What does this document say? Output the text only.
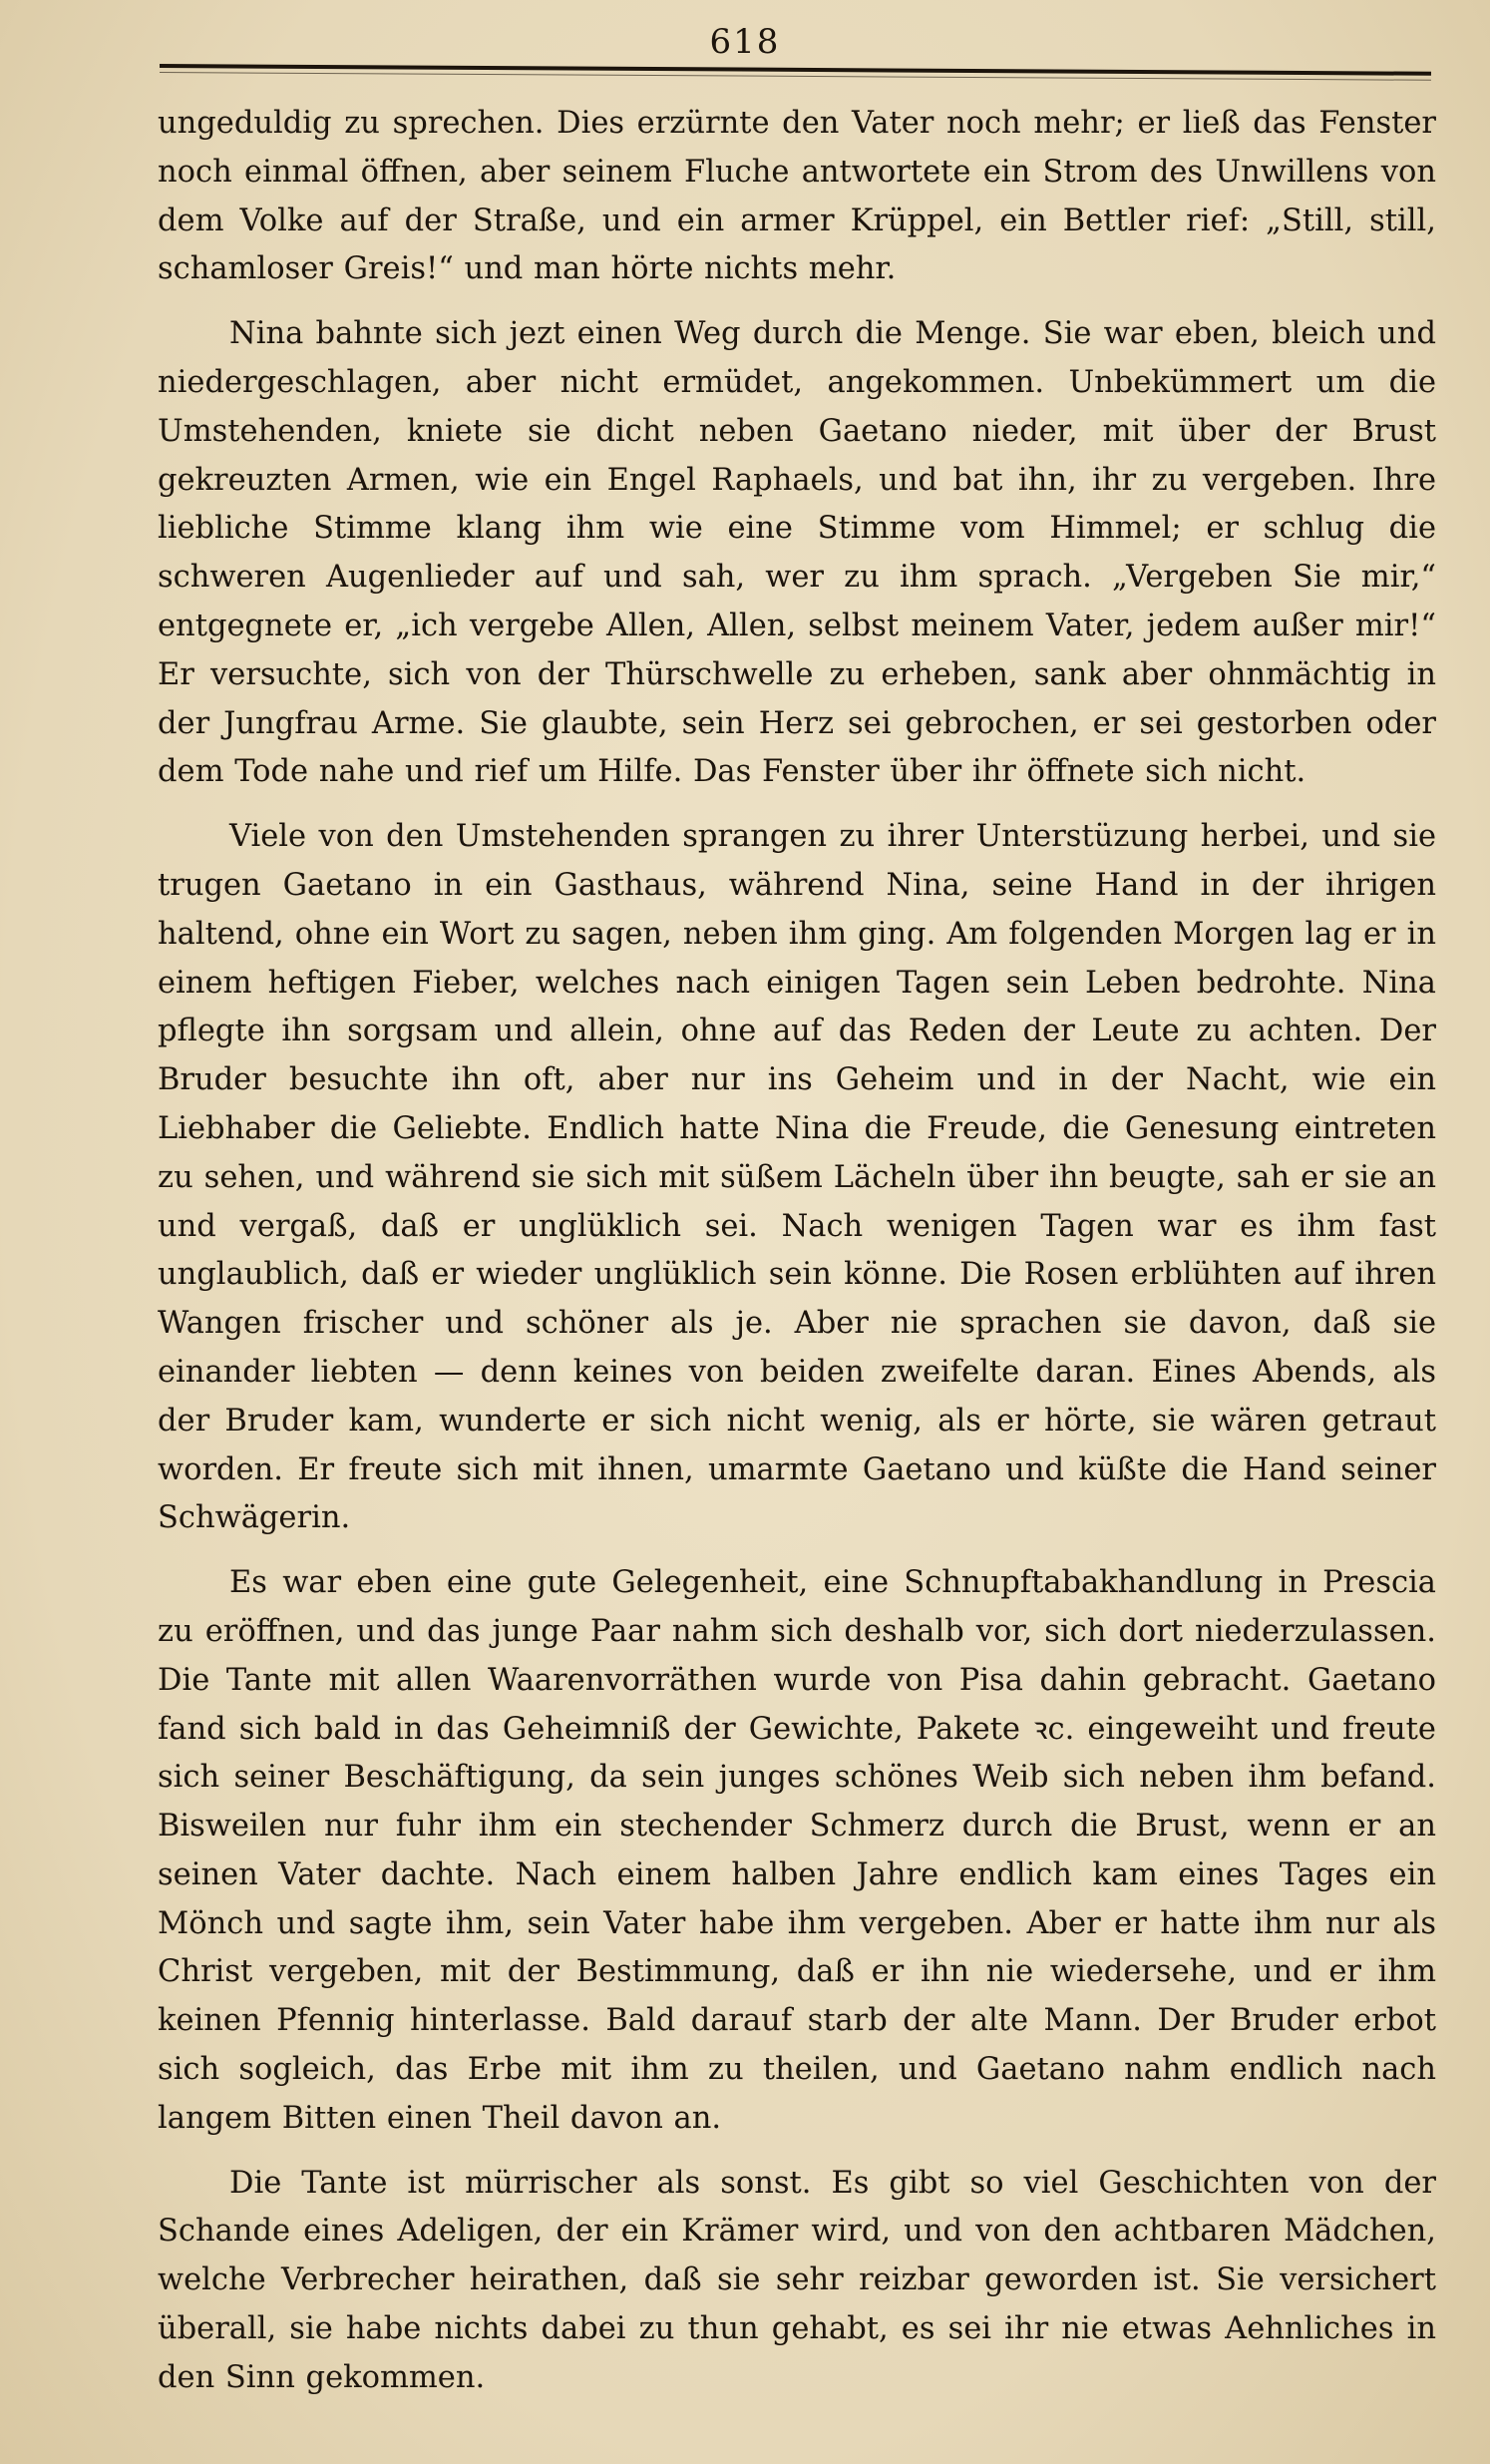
618

ungeduldig zu sprechen. Dies erzürnte den Vater noch mehr; er ließ das Fenster noch einmal öffnen, aber seinem Fluche antwortete ein Strom des Unwillens von dem Volke auf der Straße, und ein armer Krüppel, ein Bettler rief: „Still, still, schamloser Greis!“ und man hörte nichts mehr.

Nina bahnte sich jezt einen Weg durch die Menge. Sie war eben, bleich und niedergeschlagen, aber nicht ermüdet, angekommen. Unbekümmert um die Umstehenden, kniete sie dicht neben Gaetano nieder, mit über der Brust gekreuzten Armen, wie ein Engel Raphaels, und bat ihn, ihr zu vergeben. Ihre liebliche Stimme klang ihm wie eine Stimme vom Himmel; er schlug die schweren Augenlieder auf und sah, wer zu ihm sprach. „Vergeben Sie mir,“ entgegnete er, „ich vergebe Allen, Allen, selbst meinem Vater, jedem außer mir!“ Er versuchte, sich von der Thürschwelle zu erheben, sank aber ohnmächtig in der Jungfrau Arme. Sie glaubte, sein Herz sei gebrochen, er sei gestorben oder dem Tode nahe und rief um Hilfe. Das Fenster über ihr öffnete sich nicht.

Viele von den Umstehenden sprangen zu ihrer Unterstüzung herbei, und sie trugen Gaetano in ein Gasthaus, während Nina, seine Hand in der ihrigen haltend, ohne ein Wort zu sagen, neben ihm ging. Am folgenden Morgen lag er in einem heftigen Fieber, welches nach einigen Tagen sein Leben bedrohte. Nina pflegte ihn sorgsam und allein, ohne auf das Reden der Leute zu achten. Der Bruder besuchte ihn oft, aber nur ins Geheim und in der Nacht, wie ein Liebhaber die Geliebte. Endlich hatte Nina die Freude, die Genesung eintreten zu sehen, und während sie sich mit süßem Lächeln über ihn beugte, sah er sie an und vergaß, daß er unglüklich sei. Nach wenigen Tagen war es ihm fast unglaublich, daß er wieder unglüklich sein könne. Die Rosen erblühten auf ihren Wangen frischer und schöner als je. Aber nie sprachen sie davon, daß sie einander liebten — denn keines von beiden zweifelte daran. Eines Abends, als der Bruder kam, wunderte er sich nicht wenig, als er hörte, sie wären getraut worden. Er freute sich mit ihnen, umarmte Gaetano und küßte die Hand seiner Schwägerin.

Es war eben eine gute Gelegenheit, eine Schnupftabakhandlung in Prescia zu eröffnen, und das junge Paar nahm sich deshalb vor, sich dort niederzulassen. Die Tante mit allen Waarenvorräthen wurde von Pisa dahin gebracht. Gaetano fand sich bald in das Geheimniß der Gewichte, Pakete ꝛc. eingeweiht und freute sich seiner Beschäftigung, da sein junges schönes Weib sich neben ihm befand. Bisweilen nur fuhr ihm ein stechender Schmerz durch die Brust, wenn er an seinen Vater dachte. Nach einem halben Jahre endlich kam eines Tages ein Mönch und sagte ihm, sein Vater habe ihm vergeben. Aber er hatte ihm nur als Christ vergeben, mit der Bestimmung, daß er ihn nie wiedersehe, und er ihm keinen Pfennig hinterlasse. Bald darauf starb der alte Mann. Der Bruder erbot sich sogleich, das Erbe mit ihm zu theilen, und Gaetano nahm endlich nach langem Bitten einen Theil davon an.

Die Tante ist mürrischer als sonst. Es gibt so viel Geschichten von der Schande eines Adeligen, der ein Krämer wird, und von den achtbaren Mädchen, welche Verbrecher heirathen, daß sie sehr reizbar geworden ist. Sie versichert überall, sie habe nichts dabei zu thun gehabt, es sei ihr nie etwas Aehnliches in den Sinn gekommen.
